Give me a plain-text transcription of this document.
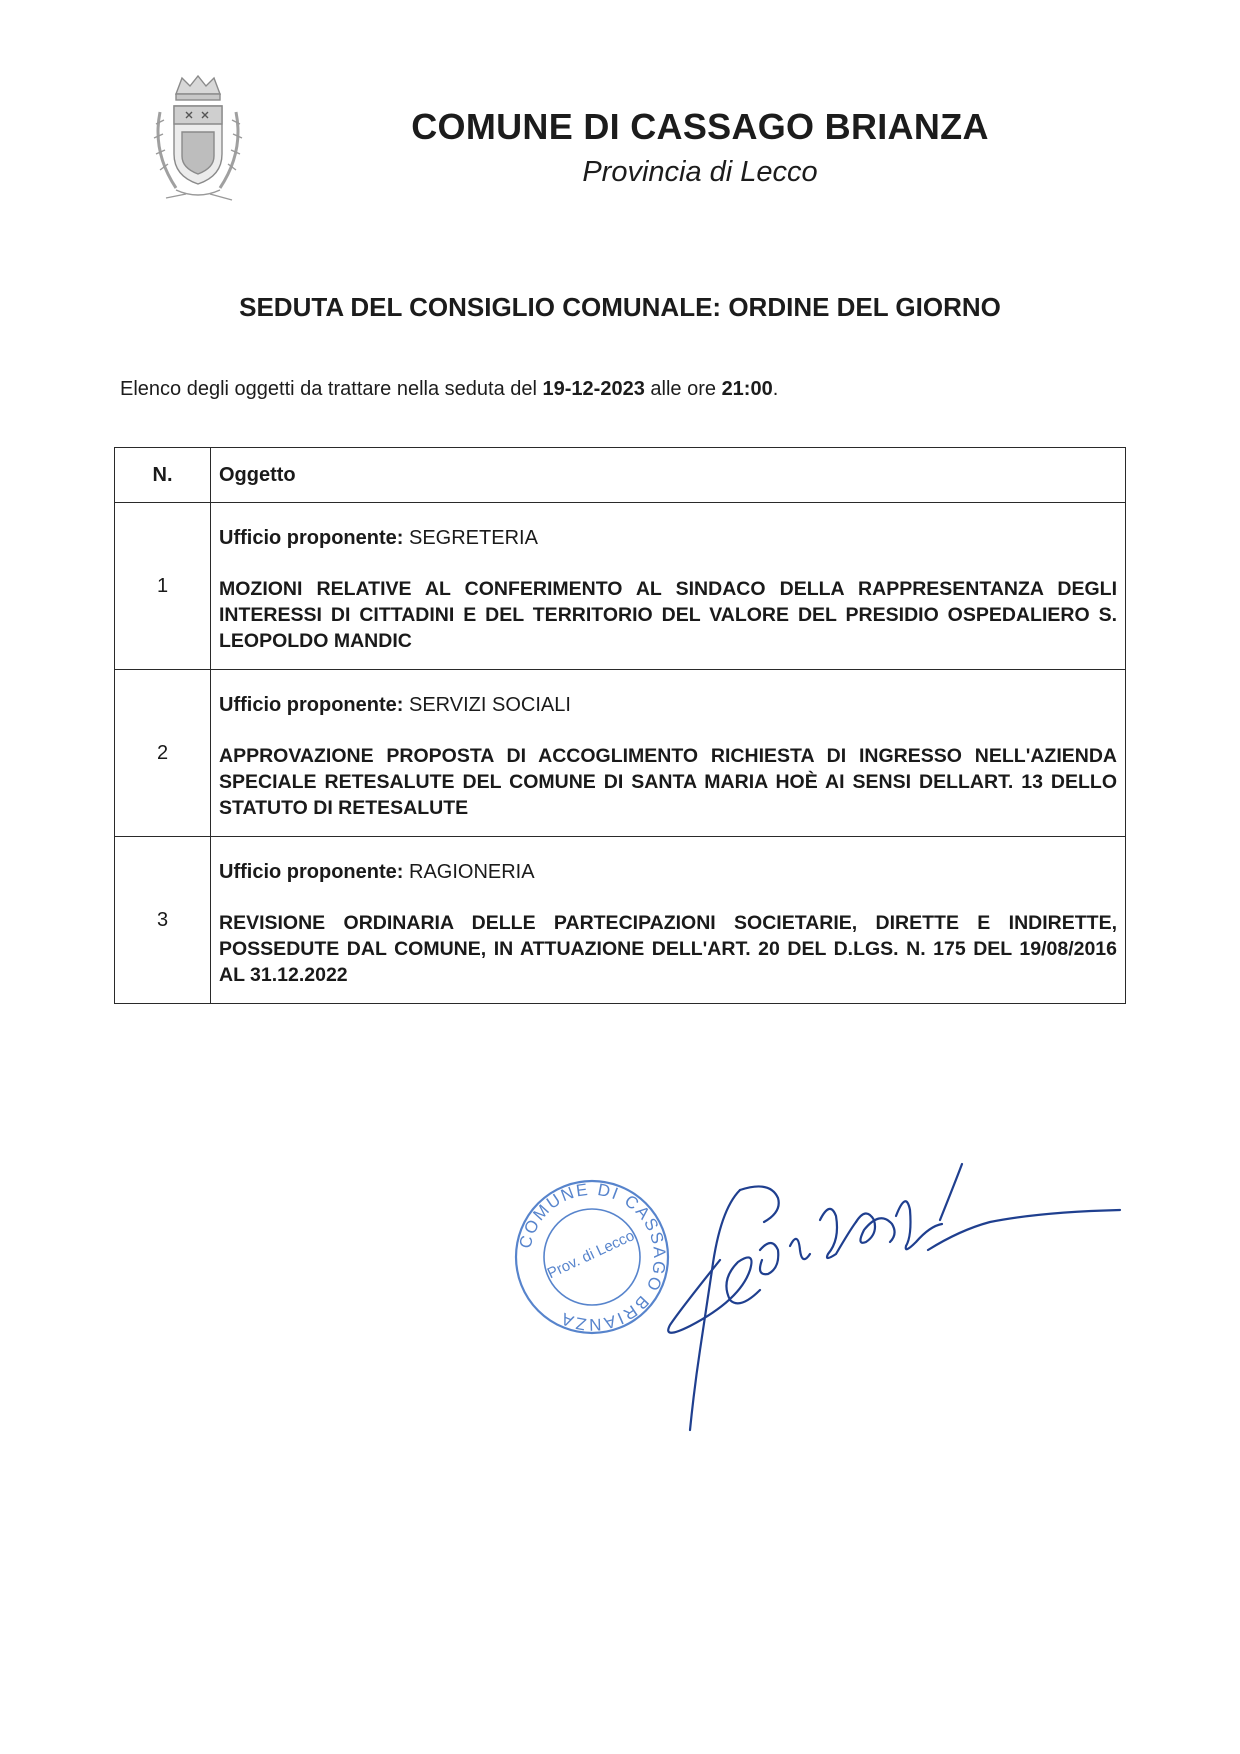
COMUNE DI CASSAGO BRIANZA
Provincia di Lecco
SEDUTA DEL CONSIGLIO COMUNALE: ORDINE DEL GIORNO
Elenco degli oggetti da trattare nella seduta del 19-12-2023 alle ore 21:00.
N.	Oggetto
1	Ufficio proponente: SEGRETERIA
MOZIONI RELATIVE AL CONFERIMENTO AL SINDACO DELLA RAPPRESENTANZA DEGLI INTERESSI DI CITTADINI E DEL TERRITORIO DEL VALORE DEL PRESIDIO OSPEDALIERO S. LEOPOLDO MANDIC

2	Ufficio proponente: SERVIZI SOCIALI
APPROVAZIONE PROPOSTA DI ACCOGLIMENTO RICHIESTA DI INGRESSO NELL'AZIENDA SPECIALE RETESALUTE DEL COMUNE DI SANTA MARIA HOÈ AI SENSI DELLART. 13 DELLO STATUTO DI RETESALUTE

3	Ufficio proponente: RAGIONERIA
REVISIONE ORDINARIA DELLE PARTECIPAZIONI SOCIETARIE, DIRETTE E INDIRETTE, POSSEDUTE DAL COMUNE, IN ATTUAZIONE DELL'ART. 20 DEL D.LGS. N. 175 DEL 19/08/2016 AL 31.12.2022
COMUNE DI CASSAGO BRIANZA
Prov. di Lecco
